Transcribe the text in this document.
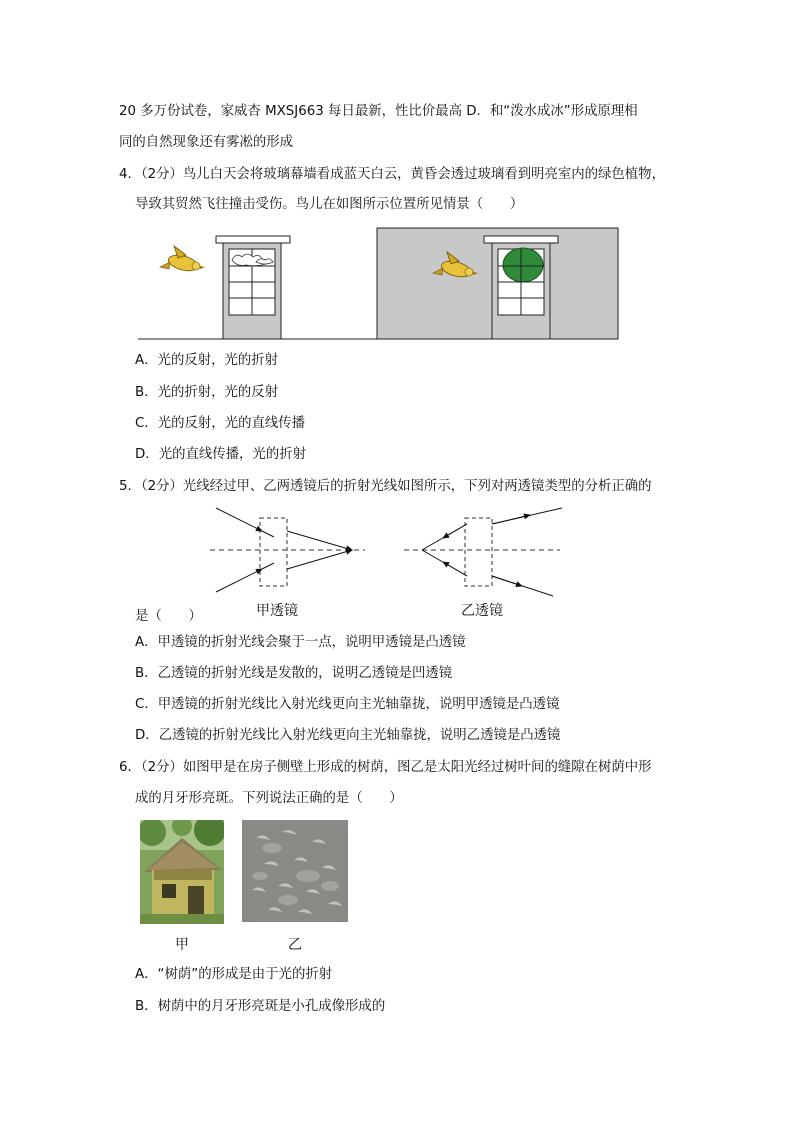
20 多万份试卷，家威杏 MXSJ663 每日最新，性比价最高 D．和“泼水成冰”形成原理相
同的自然现象还有雾凇的形成
4．（2分）鸟儿白天会将玻璃幕墙看成蓝天白云，黄昏会透过玻璃看到明亮室内的绿色植物，
导致其贸然飞往撞击受伤。鸟儿在如图所示位置所见情景（　　）
A．光的反射，光的折射
B．光的折射，光的反射
C．光的反射，光的直线传播
D．光的直线传播，光的折射
5．（2分）光线经过甲、乙两透镜后的折射光线如图所示，下列对两透镜类型的分析正确的
是（　　）	甲透镜	乙透镜
A．甲透镜的折射光线会聚于一点，说明甲透镜是凸透镜
B．乙透镜的折射光线是发散的，说明乙透镜是凹透镜
C．甲透镜的折射光线比入射光线更向主光轴靠拢，说明甲透镜是凸透镜
D．乙透镜的折射光线比入射光线更向主光轴靠拢，说明乙透镜是凸透镜
6．（2分）如图甲是在房子侧壁上形成的树荫，图乙是太阳光经过树叶间的缝隙在树荫中形
成的月牙形亮斑。下列说法正确的是（　　）
甲	乙
A．“树荫”的形成是由于光的折射
B．树荫中的月牙形亮斑是小孔成像形成的
